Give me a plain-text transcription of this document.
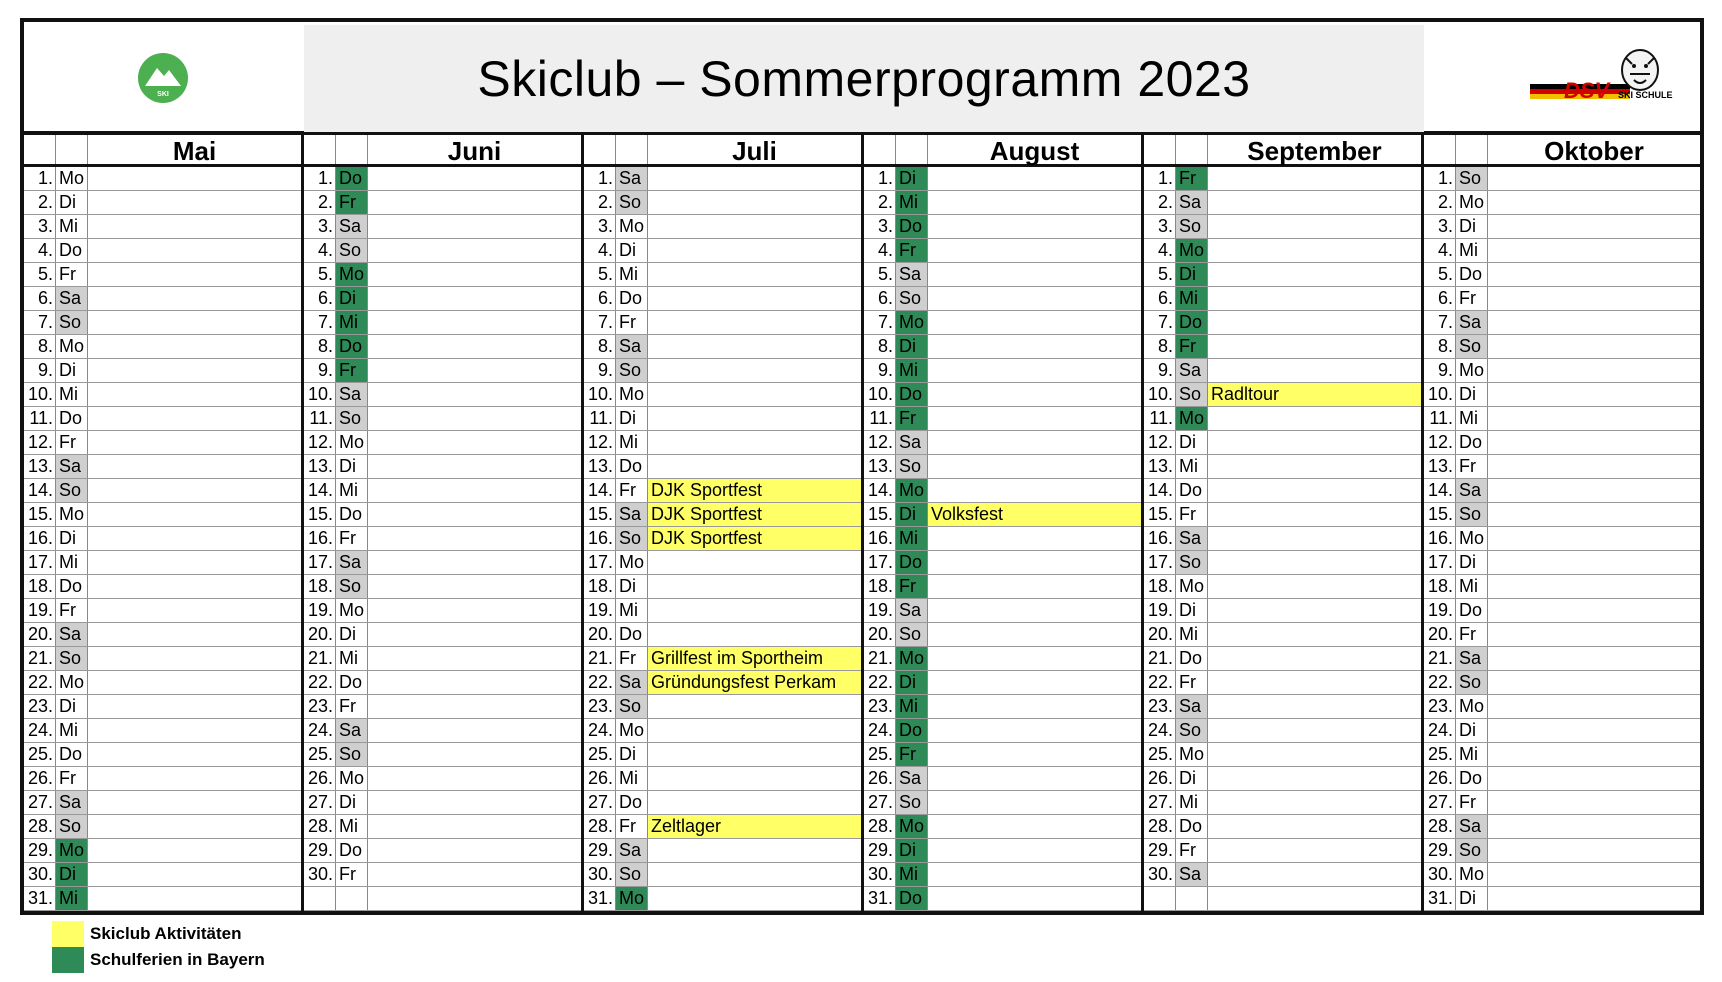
SKI	Skiclub – Sommerprogramm 2023	DSV SKI SCHULE
Mai
1. Mo
2. Di
3. Mi
4. Do
5. Fr
6. Sa
7. So
8. Mo
9. Di
10. Mi
11. Do
12. Fr
13. Sa
14. So
15. Mo
16. Di
17. Mi
18. Do
19. Fr
20. Sa
21. So
22. Mo
23. Di
24. Mi
25. Do
26. Fr
27. Sa
28. So
29. Mo
30. Di
31. Mi
Juni
1. Do
2. Fr
3. Sa
4. So
5. Mo
6. Di
7. Mi
8. Do
9. Fr
10. Sa
11. So
12. Mo
13. Di
14. Mi
15. Do
16. Fr
17. Sa
18. So
19. Mo
20. Di
21. Mi
22. Do
23. Fr
24. Sa
25. So
26. Mo
27. Di
28. Mi
29. Do
30. Fr
Juli
1. Sa
2. So
3. Mo
4. Di
5. Mi
6. Do
7. Fr
8. Sa
9. So
10. Mo
11. Di
12. Mi
13. Do
14. Fr DJK Sportfest
15. Sa DJK Sportfest
16. So DJK Sportfest
17. Mo
18. Di
19. Mi
20. Do
21. Fr Grillfest im Sportheim
22. Sa Gründungsfest Perkam
23. So
24. Mo
25. Di
26. Mi
27. Do
28. Fr Zeltlager
29. Sa
30. So
31. Mo
August
1. Di
2. Mi
3. Do
4. Fr
5. Sa
6. So
7. Mo
8. Di
9. Mi
10. Do
11. Fr
12. Sa
13. So
14. Mo
15. Di Volksfest
16. Mi
17. Do
18. Fr
19. Sa
20. So
21. Mo
22. Di
23. Mi
24. Do
25. Fr
26. Sa
27. So
28. Mo
29. Di
30. Mi
31. Do
September
1. Fr
2. Sa
3. So
4. Mo
5. Di
6. Mi
7. Do
8. Fr
9. Sa
10. So Radltour
11. Mo
12. Di
13. Mi
14. Do
15. Fr
16. Sa
17. So
18. Mo
19. Di
20. Mi
21. Do
22. Fr
23. Sa
24. So
25. Mo
26. Di
27. Mi
28. Do
29. Fr
30. Sa
Oktober
1. So
2. Mo
3. Di
4. Mi
5. Do
6. Fr
7. Sa
8. So
9. Mo
10. Di
11. Mi
12. Do
13. Fr
14. Sa
15. So
16. Mo
17. Di
18. Mi
19. Do
20. Fr
21. Sa
22. So
23. Mo
24. Di
25. Mi
26. Do
27. Fr
28. Sa
29. So
30. Mo
31. Di
Skiclub Aktivitäten
Schulferien in Bayern
